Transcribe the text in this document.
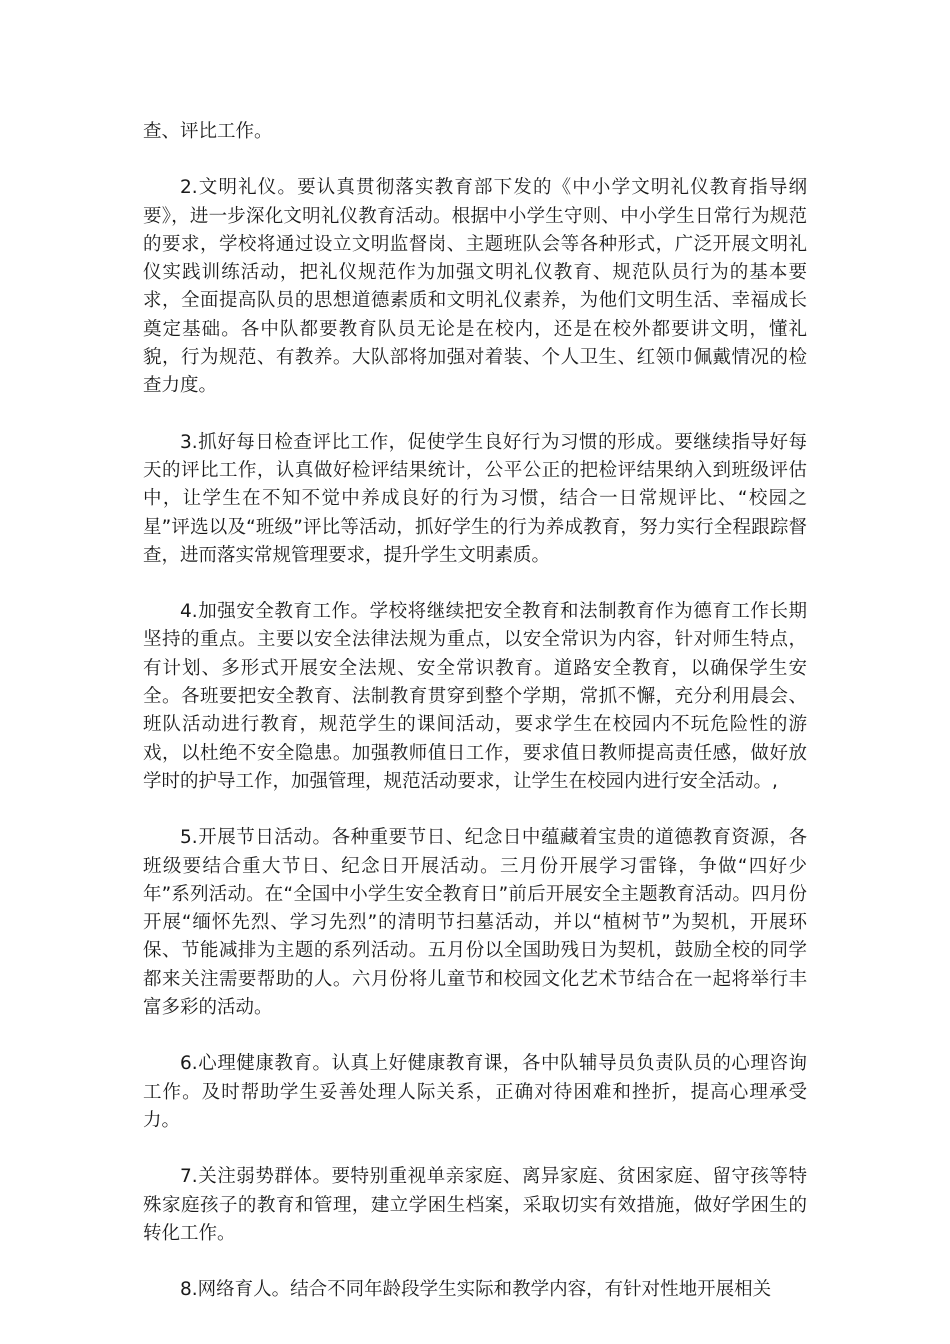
查、评比工作。

2.文明礼仪。要认真贯彻落实教育部下发的《中小学文明礼仪教育指导纲要》，进一步深化文明礼仪教育活动。根据中小学生守则、中小学生日常行为规范的要求，学校将通过设立文明监督岗、主题班队会等各种形式，广泛开展文明礼仪实践训练活动，把礼仪规范作为加强文明礼仪教育、规范队员行为的基本要求，全面提高队员的思想道德素质和文明礼仪素养，为他们文明生活、幸福成长奠定基础。各中队都要教育队员无论是在校内，还是在校外都要讲文明，懂礼貌，行为规范、有教养。大队部将加强对着装、个人卫生、红领巾佩戴情况的检查力度。

3.抓好每日检查评比工作，促使学生良好行为习惯的形成。要继续指导好每天的评比工作，认真做好检评结果统计，公平公正的把检评结果纳入到班级评估中，让学生在不知不觉中养成良好的行为习惯，结合一日常规评比、“校园之星”评选以及“班级”评比等活动，抓好学生的行为养成教育，努力实行全程跟踪督查，进而落实常规管理要求，提升学生文明素质。

4.加强安全教育工作。学校将继续把安全教育和法制教育作为德育工作长期坚持的重点。主要以安全法律法规为重点，以安全常识为内容，针对师生特点，有计划、多形式开展安全法规、安全常识教育。道路安全教育，以确保学生安全。各班要把安全教育、法制教育贯穿到整个学期，常抓不懈，充分利用晨会、班队活动进行教育，规范学生的课间活动，要求学生在校园内不玩危险性的游戏，以杜绝不安全隐患。加强教师值日工作，要求值日教师提高责任感，做好放学时的护导工作，加强管理，规范活动要求，让学生在校园内进行安全活动。,

5.开展节日活动。各种重要节日、纪念日中蕴藏着宝贵的道德教育资源，各班级要结合重大节日、纪念日开展活动。三月份开展学习雷锋，争做“四好少年”系列活动。在“全国中小学生安全教育日”前后开展安全主题教育活动。四月份开展“缅怀先烈、学习先烈”的清明节扫墓活动，并以“植树节”为契机，开展环保、节能减排为主题的系列活动。五月份以全国助残日为契机，鼓励全校的同学都来关注需要帮助的人。六月份将儿童节和校园文化艺术节结合在一起将举行丰富多彩的活动。

6.心理健康教育。认真上好健康教育课，各中队辅导员负责队员的心理咨询工作。及时帮助学生妥善处理人际关系，正确对待困难和挫折，提高心理承受力。

7.关注弱势群体。要特别重视单亲家庭、离异家庭、贫困家庭、留守孩等特殊家庭孩子的教育和管理，建立学困生档案，采取切实有效措施，做好学困生的转化工作。

8.网络育人。结合不同年龄段学生实际和教学内容，有针对性地开展相关
